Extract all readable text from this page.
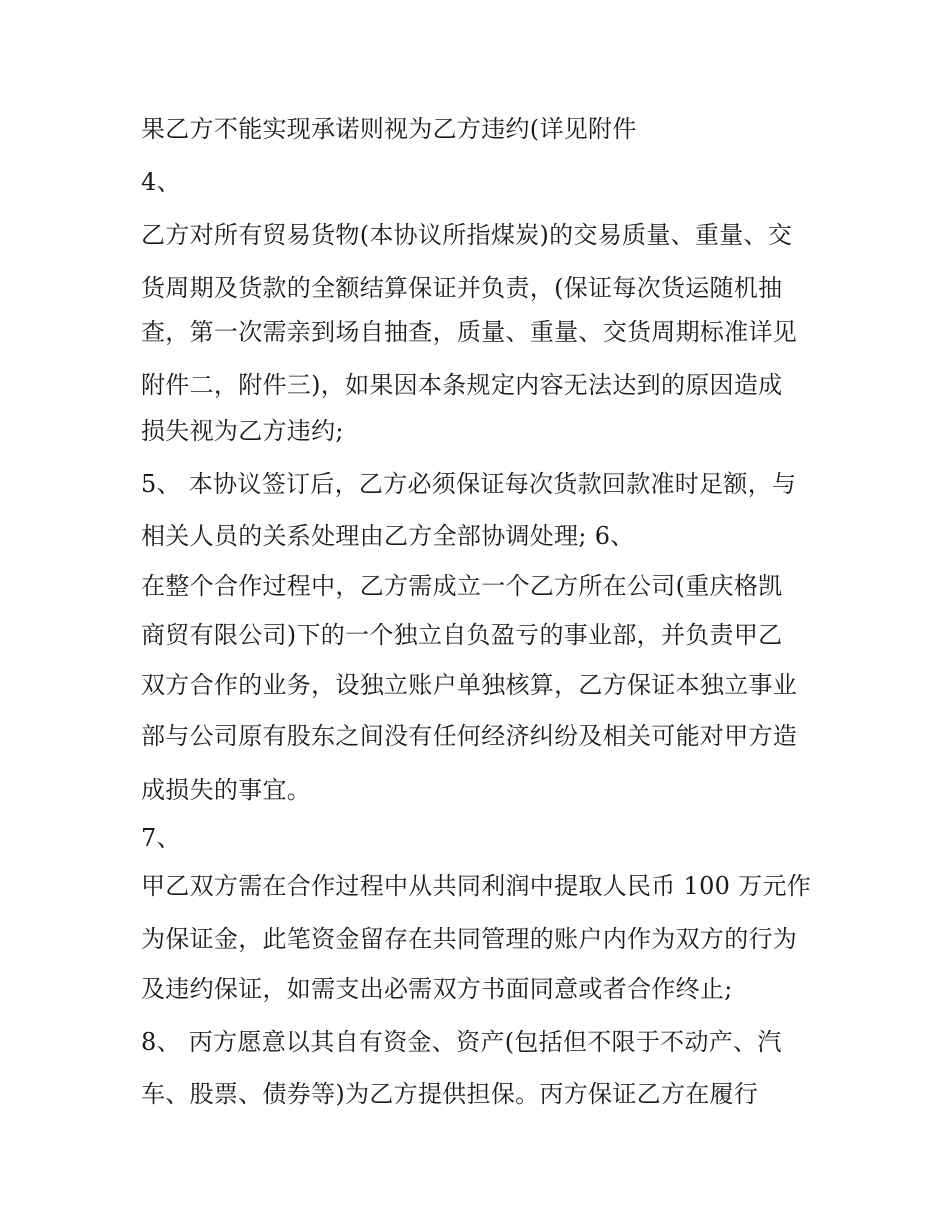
果乙方不能实现承诺则视为乙方违约(详见附件
4、
乙方对所有贸易货物(本协议所指煤炭)的交易质量、重量、交
货周期及货款的全额结算保证并负责，(保证每次货运随机抽
查，第一次需亲到场自抽查，质量、重量、交货周期标准详见
附件二，附件三)，如果因本条规定内容无法达到的原因造成
损失视为乙方违约;
5、 本协议签订后，乙方必须保证每次货款回款准时足额，与
相关人员的关系处理由乙方全部协调处理; 6、
在整个合作过程中，乙方需成立一个乙方所在公司(重庆格凯
商贸有限公司)下的一个独立自负盈亏的事业部，并负责甲乙
双方合作的业务，设独立账户单独核算，乙方保证本独立事业
部与公司原有股东之间没有任何经济纠纷及相关可能对甲方造
成损失的事宜。
7、
甲乙双方需在合作过程中从共同利润中提取人民币 100 万元作
为保证金，此笔资金留存在共同管理的账户内作为双方的行为
及违约保证，如需支出必需双方书面同意或者合作终止;
8、 丙方愿意以其自有资金、资产(包括但不限于不动产、汽
车、股票、债券等)为乙方提供担保。丙方保证乙方在履行
